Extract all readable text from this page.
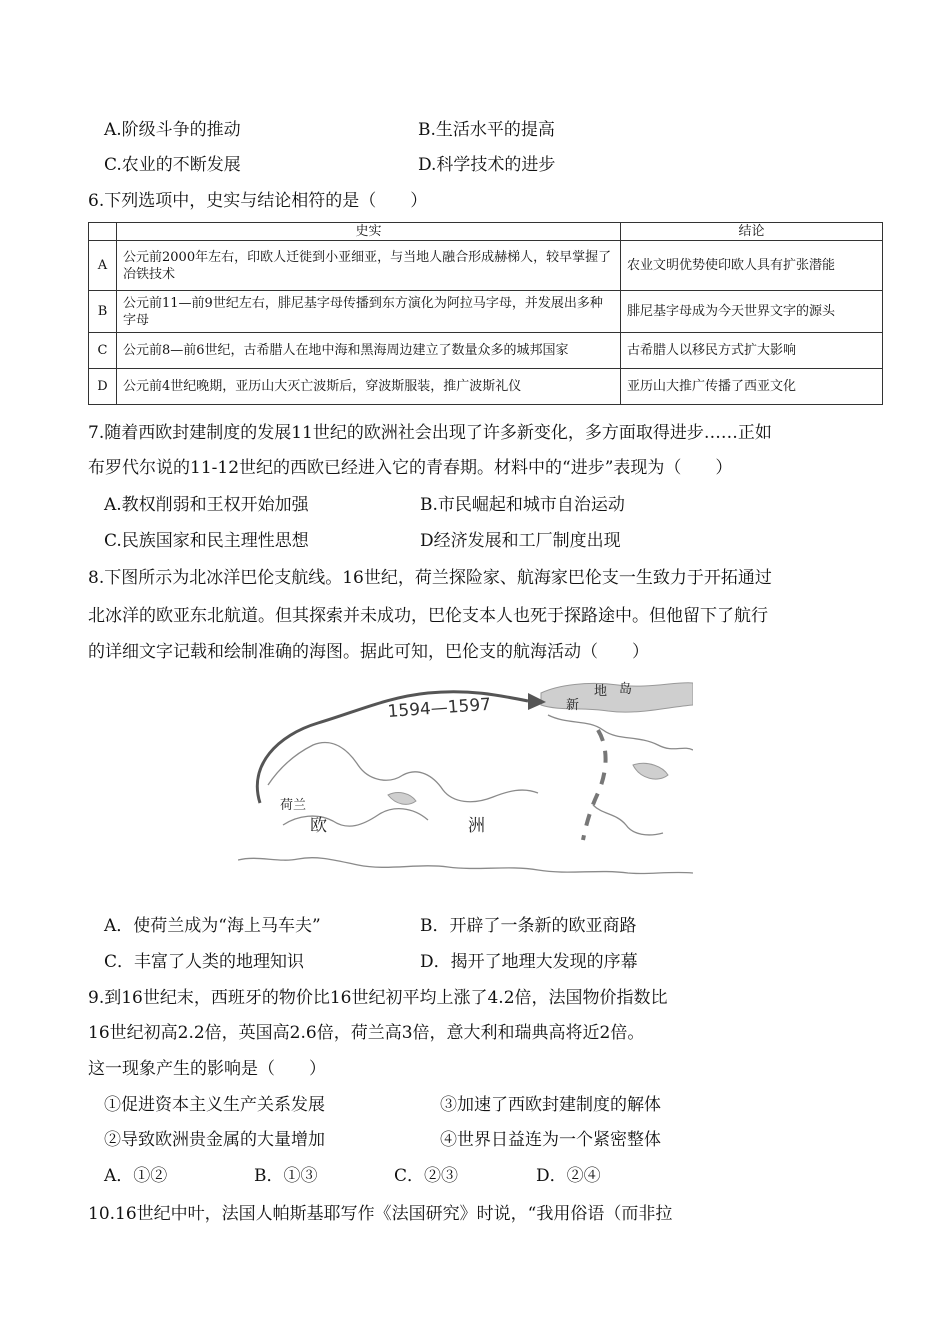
A.阶级斗争的推动	B.生活水平的提高
C.农业的不断发展	D.科学技术的进步
6.下列选项中，史实与结论相符的是（　　）
	史实	结论
A	公元前2000年左右，印欧人迁徙到小亚细亚，与当地人融合形成赫梯人，较早掌握了冶铁技术	农业文明优势使印欧人具有扩张潜能
B	公元前11—前9世纪左右，腓尼基字母传播到东方演化为阿拉马字母，并发展出多种字母	腓尼基字母成为今天世界文字的源头
C	公元前8—前6世纪，古希腊人在地中海和黑海周边建立了数量众多的城邦国家	古希腊人以移民方式扩大影响
D	公元前4世纪晚期，亚历山大灭亡波斯后，穿波斯服装，推广波斯礼仪	亚历山大推广传播了西亚文化
7.随着西欧封建制度的发展11世纪的欧洲社会出现了许多新变化，多方面取得进步……正如
布罗代尔说的11-12世纪的西欧已经进入它的青春期。材料中的“进步”表现为（　　）
A.教权削弱和王权开始加强	B.市民崛起和城市自治运动
C.民族国家和民主理性思想	D经济发展和工厂制度出现
8.下图所示为北冰洋巴伦支航线。16世纪，荷兰探险家、航海家巴伦支一生致力于开拓通过
北冰洋的欧亚东北航道。但其探索并未成功，巴伦支本人也死于探路途中。但他留下了航行
的详细文字记载和绘制准确的海图。据此可知，巴伦支的航海活动（　　）
1594—1597	新
地 岛
荷兰
欧	洲
A．使荷兰成为“海上马车夫”	B．开辟了一条新的欧亚商路
C．丰富了人类的地理知识	D．揭开了地理大发现的序幕
9.到16世纪末，西班牙的物价比16世纪初平均上涨了4.2倍，法国物价指数比
16世纪初高2.2倍，英国高2.6倍，荷兰高3倍，意大利和瑞典高将近2倍。
这一现象产生的影响是（　　）
①促进资本主义生产关系发展	③加速了西欧封建制度的解体
②导致欧洲贵金属的大量增加	④世界日益连为一个紧密整体
A．①②	B．①③	C．②③	D．②④
10.16世纪中叶，法国人帕斯基耶写作《法国研究》时说，“我用俗语（而非拉
